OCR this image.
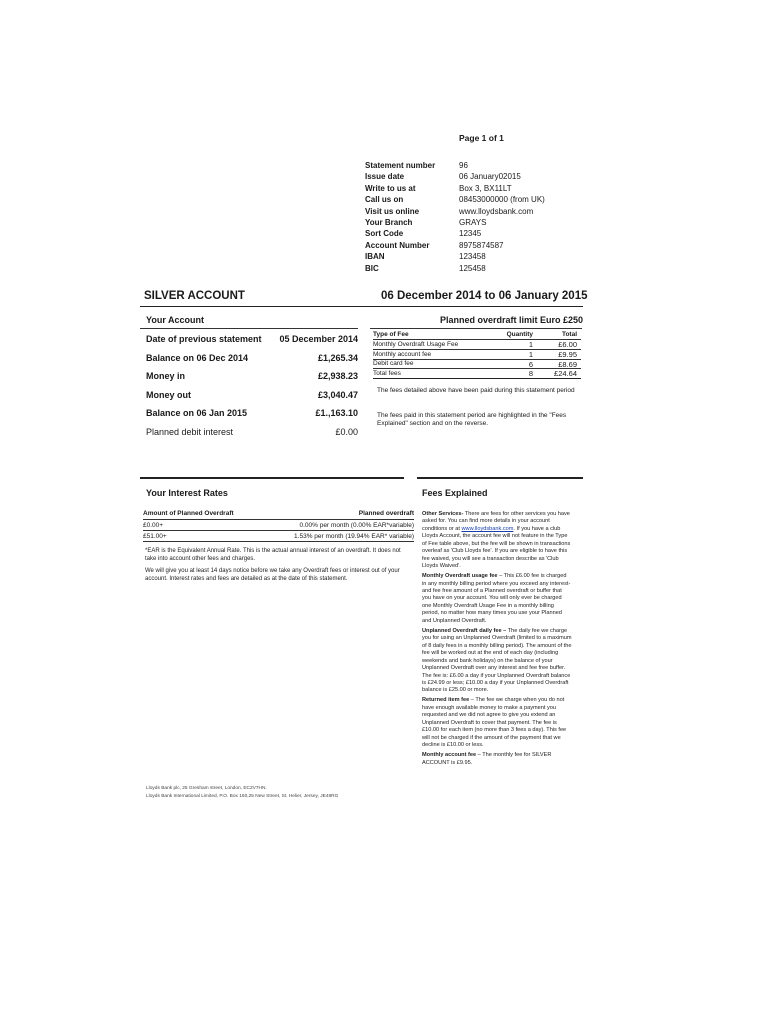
Page 1 of 1
Statement number	96
Issue date	06 January02015
Write to us at	Box 3, BX11LT
Call us on	08453000000 (from UK)
Visit us online	www.lloydsbank.com
Your Branch	GRAYS
Sort Code	12345
Account Number	8975874587
IBAN	123458
BIC	125458
SILVER ACCOUNT	06 December 2014 to 06 January 2015
Your Account
Date of previous statement 05 December 2014
Balance on 06 Dec 2014	£1,265.34
Money in	£2,938.23
Money out	£3,040.47
Balance on 06 Jan 2015	£1.,163.10
Planned debit interest	£0.00
Planned overdraft limit Euro £250
Type of Fee	Quantity	Total
Monthly Overdraft Usage Fee	1	£6.00
Monthly account fee	1	£9.95
Debit card fee	6	£8.69
Total fees	8	£24.64
The fees detailed above have been paid during this statement period
The fees paid in this statement period are highlighted in the "Fees Explained" section and on the reverse.
Your Interest Rates
Amount of Planned Overdraft	Planned overdraft
£0.00+	0.00% per month (0.00% EAR*variable)
£51.00+	1.53% per month (19.94% EAR* variable)
*EAR is the Equivalent Annual Rate. This is the actual annual interest of an overdraft. It does not take into account other fees and charges.
We will give you at least 14 days notice before we take any Overdraft fees or interest out of your account. Interest rates and fees are detailed as at the date of this statement.
Fees Explained
Other Services- There are fees for other services you have asked for. You can find more details in your account conditions or at www.lloydsbank.com. If you have a club Lloyds Account, the account fee will not feature in the Type of Fee table above, but the fee will be shown in transactions overleaf as 'Club Lloyds fee'. If you are eligible to have this fee waived, you will see a transaction describe as 'Club Lloyds Waived'.
Monthly Overdraft usage fee – This £6.00 fee is charged in any monthly billing period where you exceed any interest- and fee free amount of a Planned overdraft or buffer that you have on your account. You will only ever be charged one Monthly Overdraft Usage Fee in a monthly billing period, no matter how many times you use your Planned and Unplanned Overdraft.
Unplanned Overdraft daily fee – The daily fee we charge you for using an Unplanned Overdraft (limited to a maximum of 8 daily fees in a monthly billing period). The amount of the fee will be worked out at the end of each day (including weekends and bank holidays) on the balance of your Unplanned Overdraft over any interest and fee free buffer. The fee is: £6.00 a day if your Unplanned Overdraft balance is £24.99 or less; £10.00 a day if your Unplanned Overdraft balance is £25.00 or more.
Returned item fee – The fee we charge when you do not have enough available money to make a payment you requested and we did not agree to give you extend an Unplanned Overdraft to cover that payment. The fee is £10.00 for each item (no more than 3 fees a day). This fee will not be charged if the amount of the payment that we decline is £10.00 or less.
Monthly account fee – The monthly fee for SILVER ACCOUNT is £9.95.
Lloyds Bank plc, 25 Gresham street, London, EC2V7HN.
Lloyds Bank International Limited, P.O. Box 160,25 New Street, St. Helier, Jersey, JE48RG
